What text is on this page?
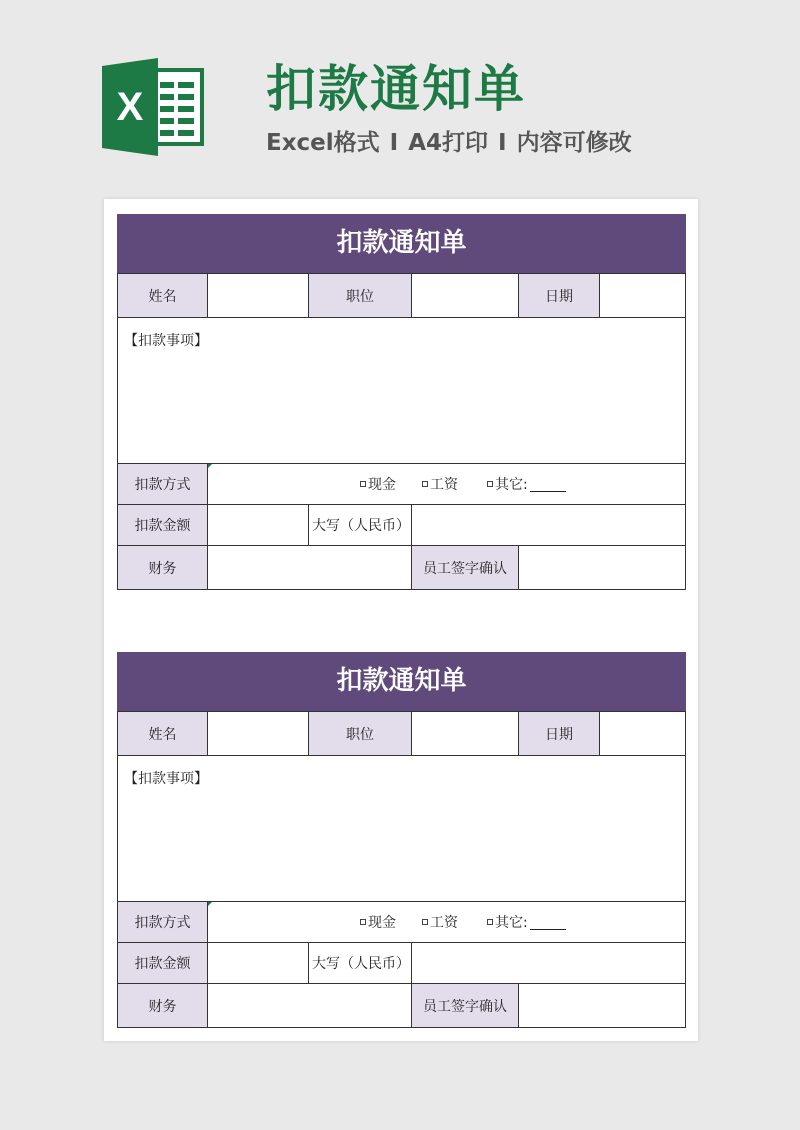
X 扣款通知单
Excel格式 I A4打印 I 内容可修改
扣款通知单
姓名	职位	日期
【扣款事项】
扣款方式	现金 工资	其它:
扣款金额	大写（人民币）
财务	员工签字确认
扣款通知单
姓名	职位	日期
【扣款事项】
扣款方式	现金 工资	其它:
扣款金额	大写（人民币）
财务	员工签字确认
